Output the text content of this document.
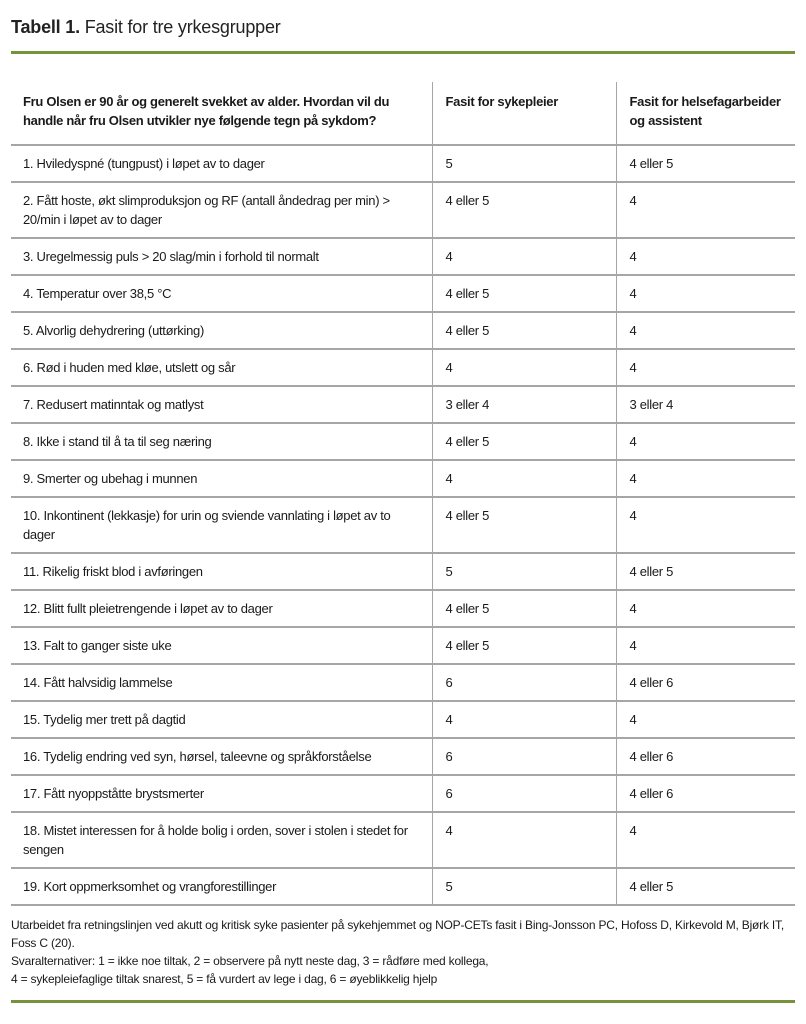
Tabell 1. Fasit for tre yrkesgrupper
Fru Olsen er 90 år og generelt svekket av alder. Hvordan vil du handle når fru Olsen utvikler nye følgende tegn på sykdom?	Fasit for sykepleier	Fasit for helsefagarbeider og assistent
1. Hviledyspné (tungpust) i løpet av to dager	5	4 eller 5
2. Fått hoste, økt slimproduksjon og RF (antall åndedrag per min) > 20/min i løpet av to dager	4 eller 5	4
3. Uregelmessig puls > 20 slag/min i forhold til normalt	4	4
4. Temperatur over 38,5 °C	4 eller 5	4
5. Alvorlig dehydrering (uttørking)	4 eller 5	4
6. Rød i huden med kløe, utslett og sår	4	4
7. Redusert matinntak og matlyst	3 eller 4	3 eller 4
8. Ikke i stand til å ta til seg næring	4 eller 5	4
9. Smerter og ubehag i munnen	4	4
10. Inkontinent (lekkasje) for urin og sviende vannlating i løpet av to dager	4 eller 5	4
11. Rikelig friskt blod i avføringen	5	4 eller 5
12. Blitt fullt pleietrengende i løpet av to dager	4 eller 5	4
13. Falt to ganger siste uke	4 eller 5	4
14. Fått halvsidig lammelse	6	4 eller 6
15. Tydelig mer trett på dagtid	4	4
16. Tydelig endring ved syn, hørsel, taleevne og språkforståelse	6	4 eller 6
17. Fått nyoppståtte brystsmerter	6	4 eller 6
18. Mistet interessen for å holde bolig i orden, sover i stolen i stedet for sengen	4	4
19. Kort oppmerksomhet og vrangforestillinger	5	4 eller 5
Utarbeidet fra retningslinjen ved akutt og kritisk syke pasienter på sykehjemmet og NOP-CETs fasit i Bing-Jonsson PC, Hofoss D, Kirkevold M, Bjørk IT, Foss C (20).
Svaralternativer: 1 = ikke noe tiltak, 2 = observere på nytt neste dag, 3 = rådføre med kollega,
4 = sykepleiefaglige tiltak snarest, 5 = få vurdert av lege i dag, 6 = øyeblikkelig hjelp
